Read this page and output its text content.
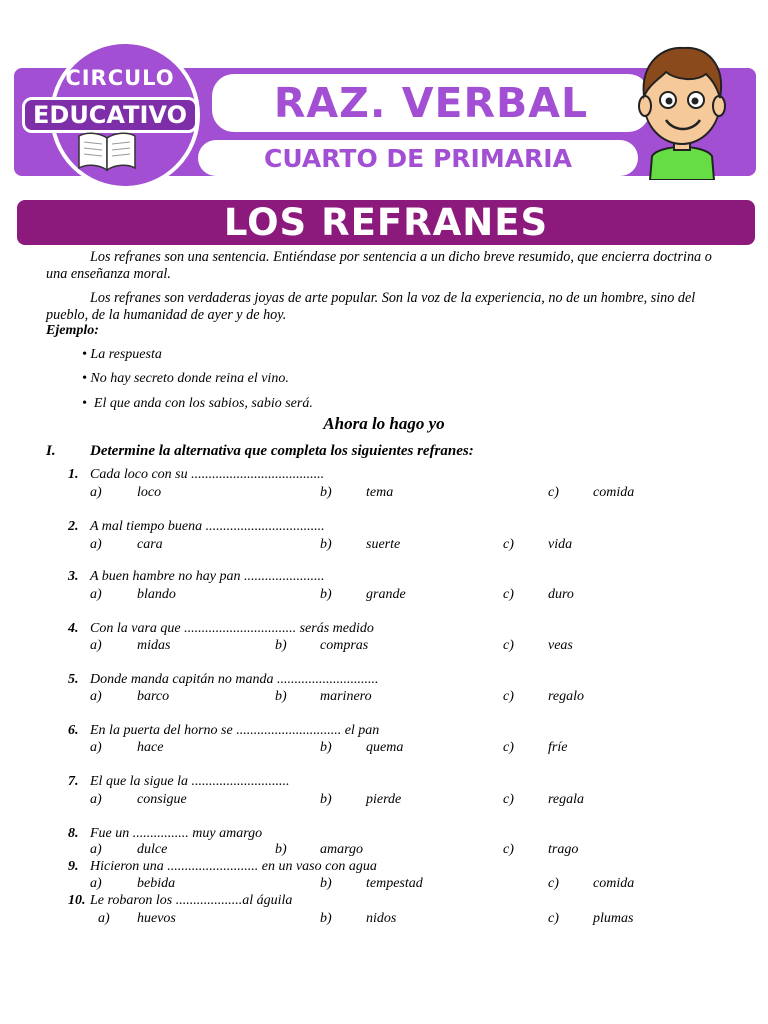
RAZ. VERBAL
CUARTO DE PRIMARIA
CIRCULO
EDUCATIVO
LOS REFRANES
Los refranes son una sentencia. Entiéndase por sentencia a un dicho breve resumido, que encierra doctrina o una enseñanza moral.
Los refranes son verdaderas joyas de arte popular. Son la voz de la experiencia, no de un hombre, sino del pueblo, de la humanidad de ayer y de hoy.
Ejemplo:
• La respuesta
• No hay secreto donde reina el vino.
•  El que anda con los sabios, sabio será.
Ahora lo hago yo
I. Determine la alternativa que completa los siguientes refranes:
1. Cada loco con su ......................................
a)	loco	b) tema	c) comida
2. A mal tiempo buena ..................................
a)	cara	b) suerte	c) vida
3. A buen hambre no hay pan .......................
a)	blando	b) grande	c) duro
4. Con la vara que ................................ serás medido
a)	midas	b) compras	c) veas
5. Donde manda capitán no manda .............................
a)	barco	b) marinero	c) regalo
6. En la puerta del horno se .............................. el pan
a)	hace	b) quema	c) fríe
7. El que la sigue la ............................
a)	consigue	b) pierde	c) regala
8. Fue un ................ muy amargo
a)	dulce	b) amargo	c) trago
9. Hicieron una .......................... en un vaso con agua
a)	bebida	b) tempestad	c) comida
10. Le robaron los ...................al águila
a) huevos	b) nidos	c) plumas
